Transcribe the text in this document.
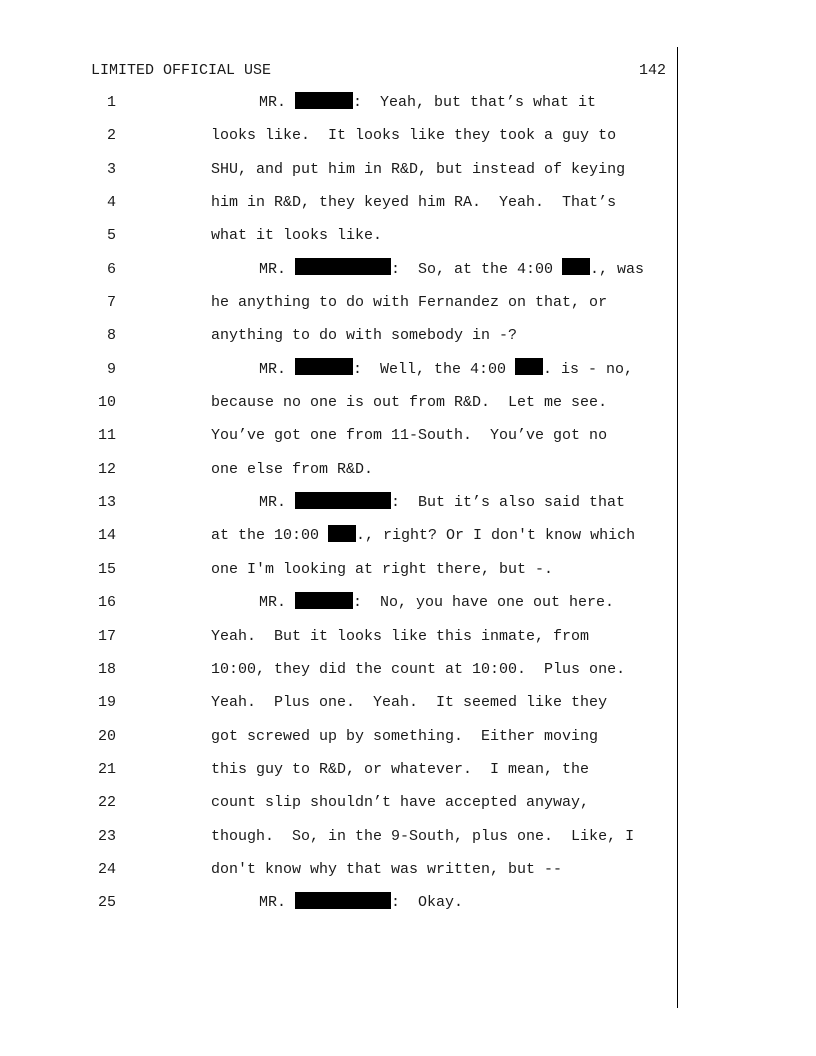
LIMITED OFFICIAL USE	142
1	MR.	:  Yeah, but that’s what it
2	looks like.  It looks like they took a guy to
3	SHU, and put him in R&D, but instead of keying
4	him in R&D, they keyed him RA.  Yeah.  That’s
5	what it looks like.
6	MR.	:  So, at the 4:00 ., was
7	he anything to do with Fernandez on that, or
8	anything to do with somebody in -?
9	MR.	:  Well, the 4:00 . is - no,
10	because no one is out from R&D.  Let me see.
11	You’ve got one from 11-South.  You’ve got no
12	one else from R&D.
13	MR.	:  But it’s also said that
14	at the 10:00 ., right? Or I don't know which
15	one I'm looking at right there, but -.
16	MR.	:  No, you have one out here.
17	Yeah.  But it looks like this inmate, from
18	10:00, they did the count at 10:00.  Plus one.
19	Yeah.  Plus one.  Yeah.  It seemed like they
20	got screwed up by something.  Either moving
21	this guy to R&D, or whatever.  I mean, the
22	count slip shouldn’t have accepted anyway,
23	though.  So, in the 9-South, plus one.  Like, I
24	don't know why that was written, but --
25	MR.	:  Okay.
